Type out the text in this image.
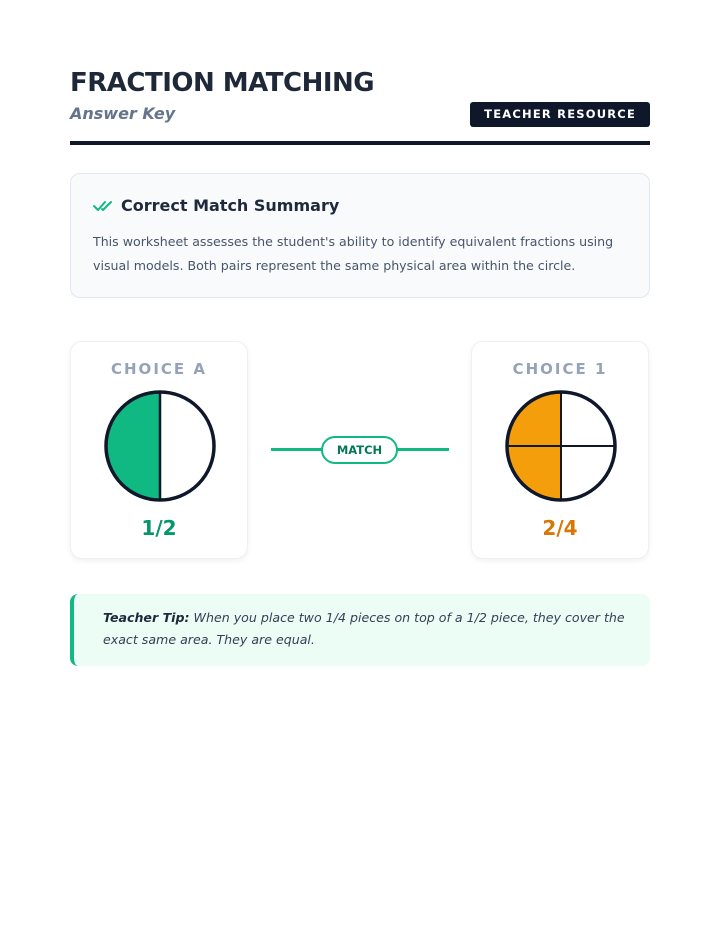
FRACTION MATCHING
Answer Key	TEACHER RESOURCE
Correct Match Summary
This worksheet assesses the student's ability to identify equivalent fractions using visual models. Both pairs represent the same physical area within the circle.
CHOICE A
1/2
MATCH
CHOICE 1
2/4
Teacher Tip: When you place two 1/4 pieces on top of a 1/2 piece, they cover the exact same area. They are equal.
